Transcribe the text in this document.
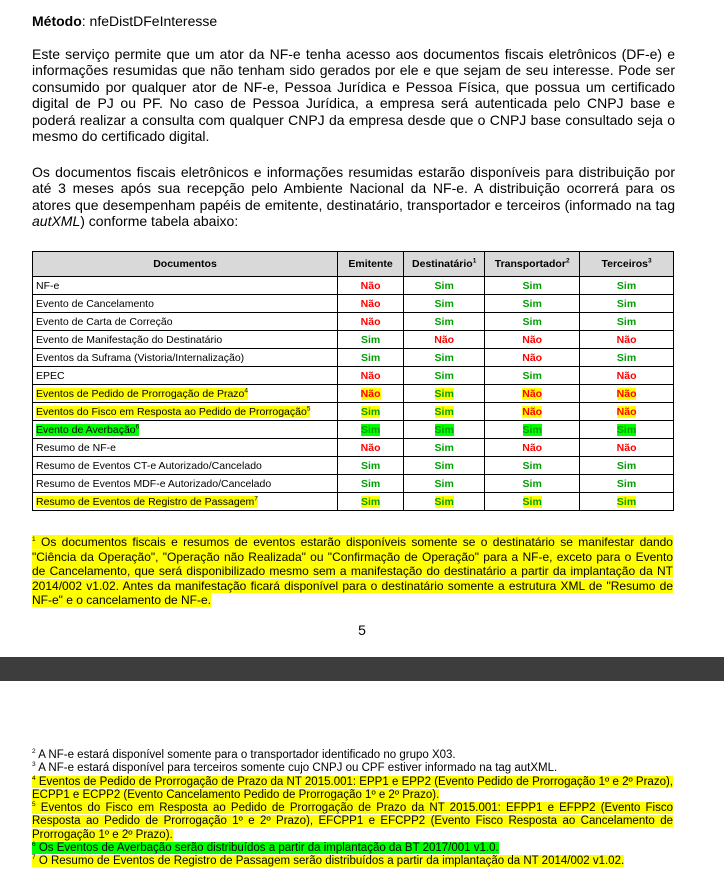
Método: nfeDistDFeInteresse
Este serviço permite que um ator da NF-e tenha acesso aos documentos fiscais eletrônicos (DF-e) e informações resumidas que não tenham sido gerados por ele e que sejam de seu interesse. Pode ser consumido por qualquer ator de NF-e, Pessoa Jurídica e Pessoa Física, que possua um certificado digital de PJ ou PF. No caso de Pessoa Jurídica, a empresa será autenticada pelo CNPJ base e poderá realizar a consulta com qualquer CNPJ da empresa desde que o CNPJ base consultado seja o mesmo do certificado digital.
Os documentos fiscais eletrônicos e informações resumidas estarão disponíveis para distribuição por até 3 meses após sua recepção pelo Ambiente Nacional da NF-e. A distribuição ocorrerá para os atores que desempenham papéis de emitente, destinatário, transportador e terceiros (informado na tag autXML) conforme tabela abaixo:
Documentos	Emitente	Destinatário$^1$	Transportador$^2$	Terceiros$^3$
NF-e	Não	Sim	Sim	Sim
Evento de Cancelamento	Não	Sim	Sim	Sim
Evento de Carta de Correção	Não	Sim	Sim	Sim
Evento de Manifestação do Destinatário	Sim	Não	Não	Não
Eventos da Suframa (Vistoria/Internalização)	Sim	Sim	Não	Sim
EPEC	Não	Sim	Sim	Não
Eventos de Pedido de Prorrogação de Prazo$^4$	Não	Sim	Não	Não
Eventos do Fisco em Resposta ao Pedido de Prorrogação$^5$	Sim	Sim	Não	Não
Evento de Averbação$^6$	Sim	Sim	Sim	Sim
Resumo de NF-e	Não	Sim	Não	Não
Resumo de Eventos CT-e Autorizado/Cancelado	Sim	Sim	Sim	Sim
Resumo de Eventos MDF-e Autorizado/Cancelado	Sim	Sim	Sim	Sim
Resumo de Eventos de Registro de Passagem$^7$	Sim	Sim	Sim	Sim
$^1$ Os documentos fiscais e resumos de eventos estarão disponíveis somente se o destinatário se manifestar dando "Ciência da Operação", "Operação não Realizada" ou "Confirmação de Operação" para a NF-e, exceto para o Evento de Cancelamento, que será disponibilizado mesmo sem a manifestação do destinatário a partir da implantação da NT 2014/002 v1.02. Antes da manifestação ficará disponível para o destinatário somente a estrutura XML de "Resumo de NF-e" e o cancelamento de NF-e.
5
$^2$ A NF-e estará disponível somente para o transportador identificado no grupo X03.
$^3$ A NF-e estará disponível para terceiros somente cujo CNPJ ou CPF estiver informado na tag autXML.
$^4$ Eventos de Pedido de Prorrogação de Prazo da NT 2015.001: EPP1 e EPP2 (Evento Pedido de Prorrogação 1º e 2º Prazo), ECPP1 e ECPP2 (Evento Cancelamento Pedido de Prorrogação 1º e 2º Prazo).
$^5$ Eventos do Fisco em Resposta ao Pedido de Prorrogação de Prazo da NT 2015.001: EFPP1 e EFPP2 (Evento Fisco Resposta ao Pedido de Prorrogação 1º e 2º Prazo), EFCPP1 e EFCPP2 (Evento Fisco Resposta ao Cancelamento de Prorrogação 1º e 2º Prazo).
$^6$ Os Eventos de Averbação serão distribuídos a partir da implantação da BT 2017/001 v1.0.
$^7$ O Resumo de Eventos de Registro de Passagem serão distribuídos a partir da implantação da NT 2014/002 v1.02.
